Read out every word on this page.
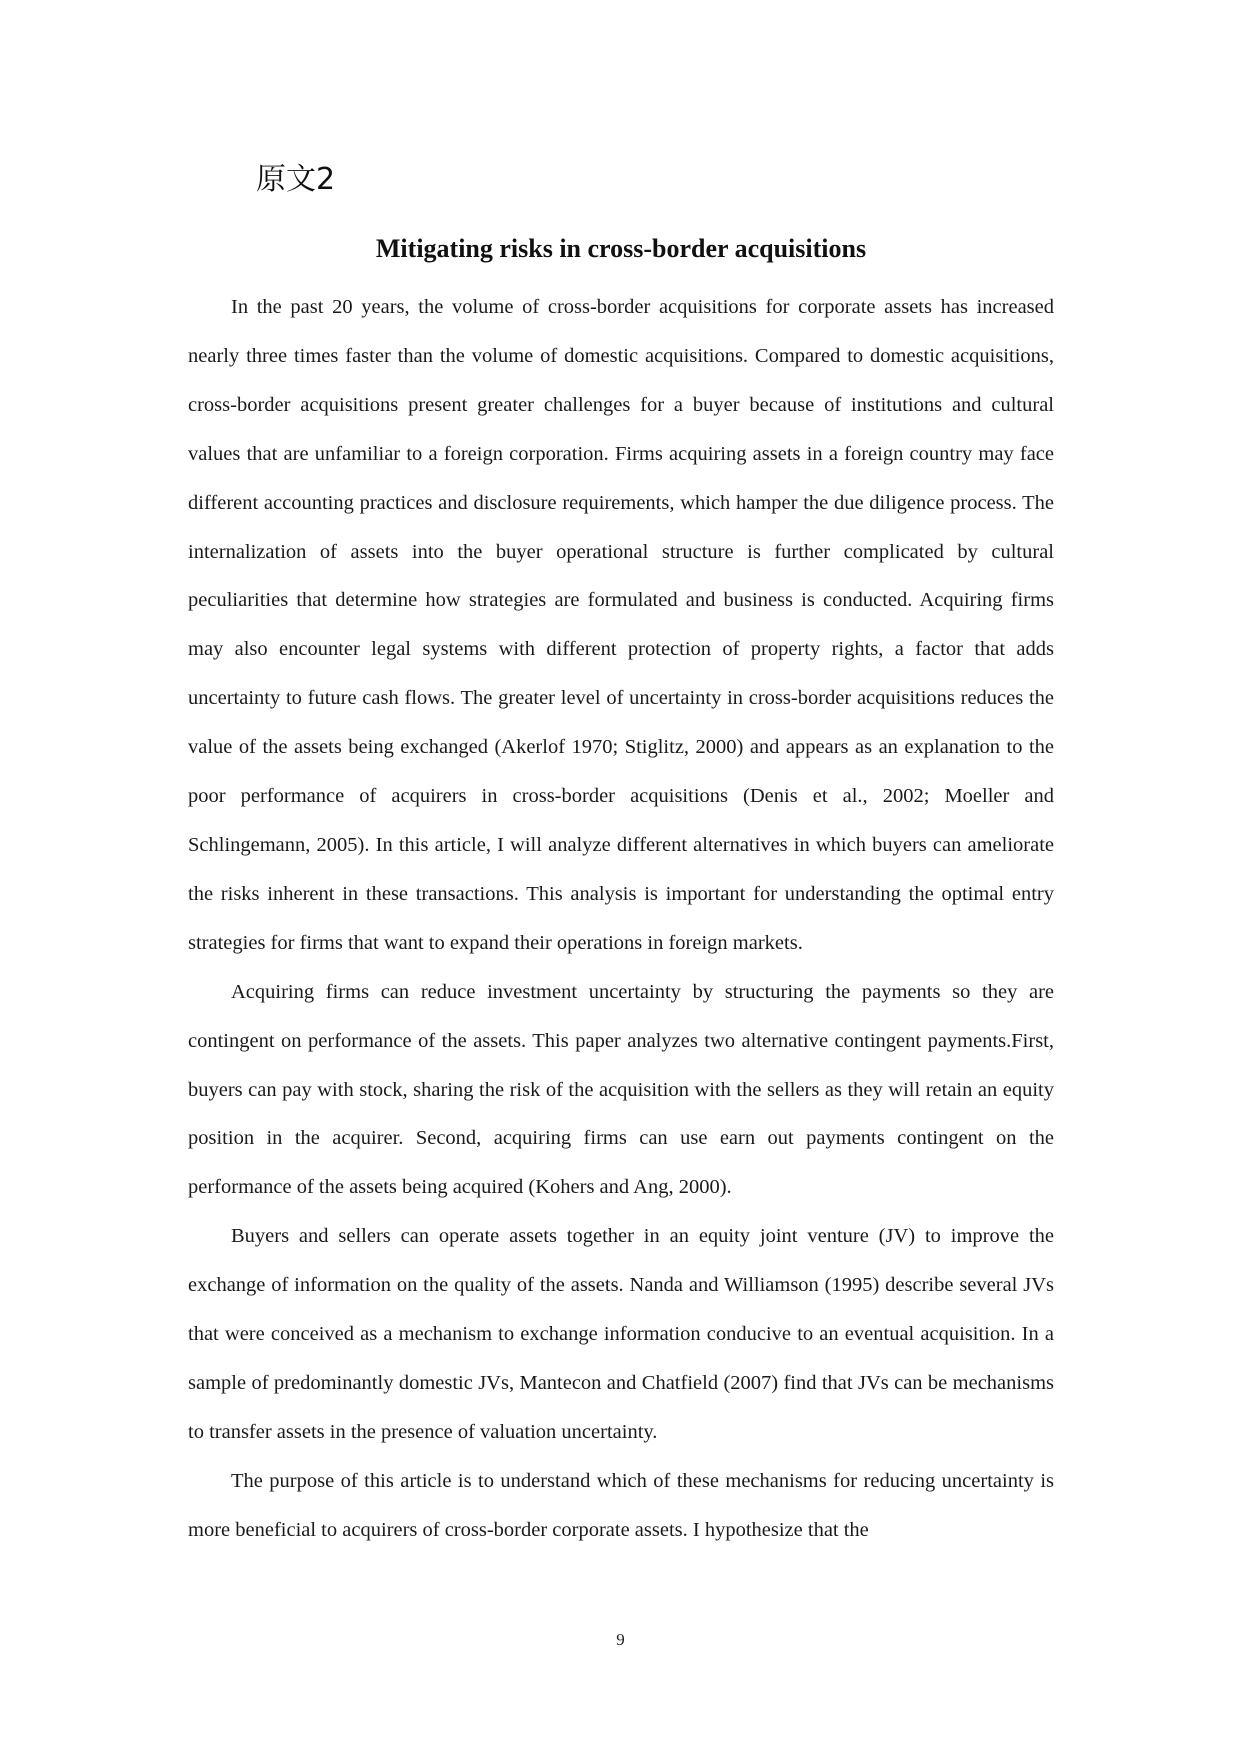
原文2
Mitigating risks in cross-border acquisitions

In the past 20 years, the volume of cross-border acquisitions for corporate assets has increased nearly three times faster than the volume of domestic acquisitions. Compared to domestic acquisitions, cross-border acquisitions present greater challenges for a buyer because of institutions and cultural values that are unfamiliar to a foreign corporation. Firms acquiring assets in a foreign country may face different accounting practices and disclosure requirements, which hamper the due diligence process. The internalization of assets into the buyer operational structure is further complicated by cultural peculiarities that determine how strategies are formulated and business is conducted. Acquiring firms may also encounter legal systems with different protection of property rights, a factor that adds uncertainty to future cash flows. The greater level of uncertainty in cross-border acquisitions reduces the value of the assets being exchanged (Akerlof 1970; Stiglitz, 2000) and appears as an explanation to the poor performance of acquirers in cross-border acquisitions (Denis et al., 2002; Moeller and Schlingemann, 2005). In this article, I will analyze different alternatives in which buyers can ameliorate the risks inherent in these transactions. This analysis is important for understanding the optimal entry strategies for firms that want to expand their operations in foreign markets.

Acquiring firms can reduce investment uncertainty by structuring the payments so they are contingent on performance of the assets. This paper analyzes two alternative contingent payments.First, buyers can pay with stock, sharing the risk of the acquisition with the sellers as they will retain an equity position in the acquirer. Second, acquiring firms can use earn out payments contingent on the performance of the assets being acquired (Kohers and Ang, 2000).

Buyers and sellers can operate assets together in an equity joint venture (JV) to improve the exchange of information on the quality of the assets. Nanda and Williamson (1995) describe several JVs that were conceived as a mechanism to exchange information conducive to an eventual acquisition. In a sample of predominantly domestic JVs, Mantecon and Chatfield (2007) find that JVs can be mechanisms to transfer assets in the presence of valuation uncertainty.

The purpose of this article is to understand which of these mechanisms for reducing uncertainty is more beneficial to acquirers of cross-border corporate assets. I hypothesize that the

9
